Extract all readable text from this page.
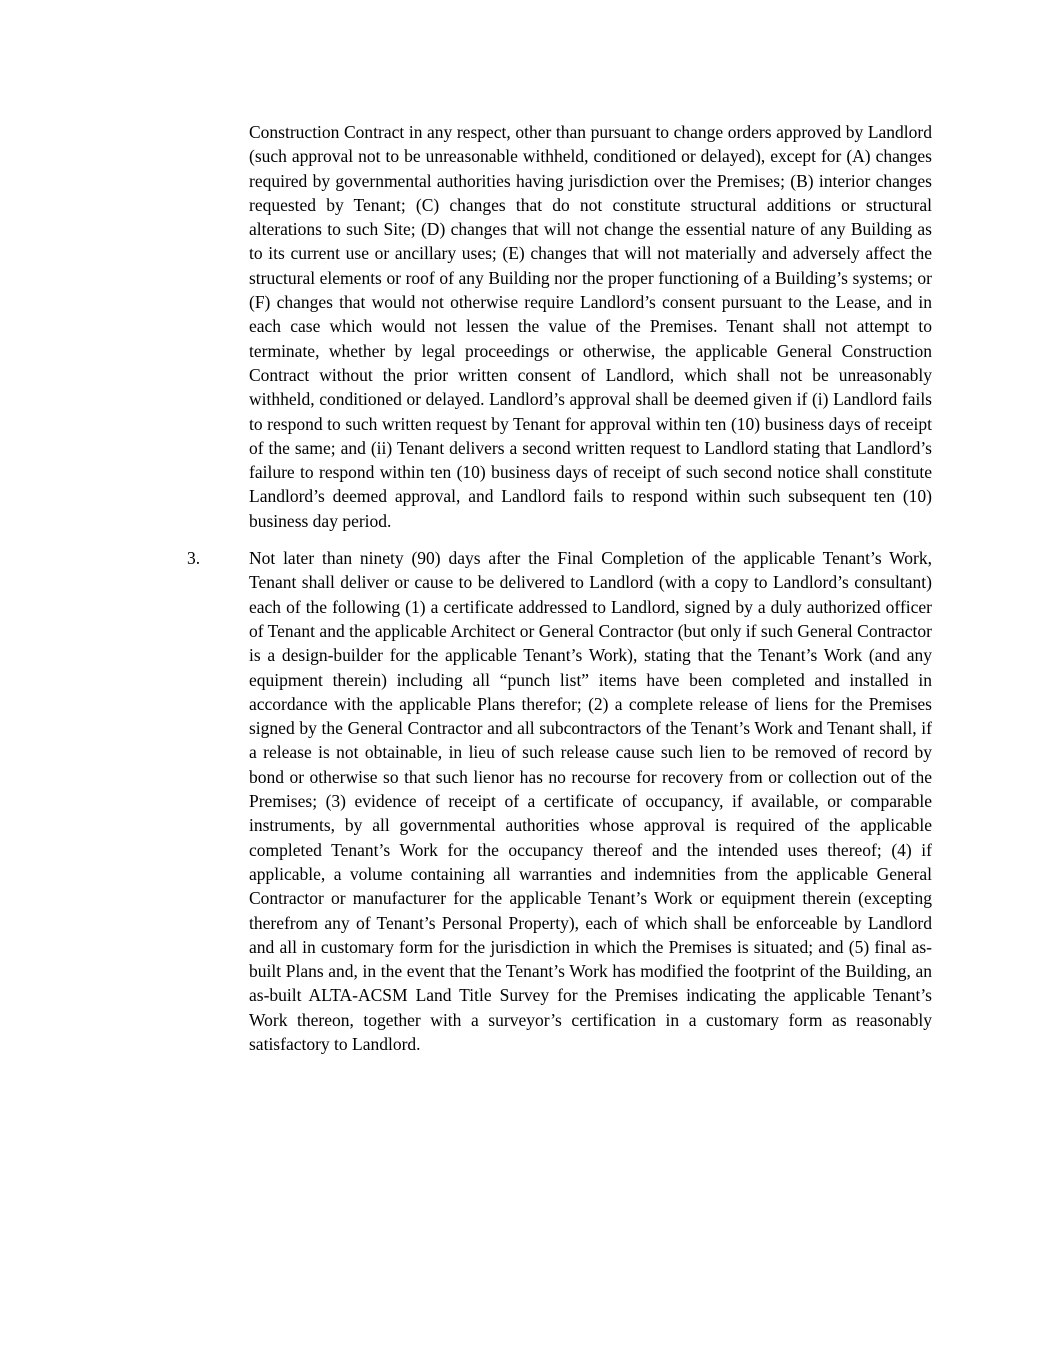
Construction Contract in any respect, other than pursuant to change orders approved by Landlord (such approval not to be unreasonable withheld, conditioned or delayed), except for (A) changes required by governmental authorities having jurisdiction over the Premises; (B) interior changes requested by Tenant; (C) changes that do not constitute structural additions or structural alterations to such Site; (D) changes that will not change the essential nature of any Building as to its current use or ancillary uses; (E) changes that will not materially and adversely affect the structural elements or roof of any Building nor the proper functioning of a Building’s systems; or (F) changes that would not otherwise require Landlord’s consent pursuant to the Lease, and in each case which would not lessen the value of the Premises. Tenant shall not attempt to terminate, whether by legal proceedings or otherwise, the applicable General Construction Contract without the prior written consent of Landlord, which shall not be unreasonably withheld, conditioned or delayed. Landlord’s approval shall be deemed given if (i) Landlord fails to respond to such written request by Tenant for approval within ten (10) business days of receipt of the same; and (ii) Tenant delivers a second written request to Landlord stating that Landlord’s failure to respond within ten (10) business days of receipt of such second notice shall constitute Landlord’s deemed approval, and Landlord fails to respond within such subsequent ten (10) business day period.
3.	Not later than ninety (90) days after the Final Completion of the applicable Tenant’s Work, Tenant shall deliver or cause to be delivered to Landlord (with a copy to Landlord’s consultant) each of the following (1) a certificate addressed to Landlord, signed by a duly authorized officer of Tenant and the applicable Architect or General Contractor (but only if such General Contractor is a design-builder for the applicable Tenant’s Work), stating that the Tenant’s Work (and any equipment therein) including all “punch list” items have been completed and installed in accordance with the applicable Plans therefor; (2) a complete release of liens for the Premises signed by the General Contractor and all subcontractors of the Tenant’s Work and Tenant shall, if a release is not obtainable, in lieu of such release cause such lien to be removed of record by bond or otherwise so that such lienor has no recourse for recovery from or collection out of the Premises; (3) evidence of receipt of a certificate of occupancy, if available, or comparable instruments, by all governmental authorities whose approval is required of the applicable completed Tenant’s Work for the occupancy thereof and the intended uses thereof; (4) if applicable, a volume containing all warranties and indemnities from the applicable General Contractor or manufacturer for the applicable Tenant’s Work or equipment therein (excepting therefrom any of Tenant’s Personal Property), each of which shall be enforceable by Landlord and all in customary form for the jurisdiction in which the Premises is situated; and (5) final as-built Plans and, in the event that the Tenant’s Work has modified the footprint of the Building, an as-built ALTA-ACSM Land Title Survey for the Premises indicating the applicable Tenant’s Work thereon, together with a surveyor’s certification in a customary form as reasonably satisfactory to Landlord.
